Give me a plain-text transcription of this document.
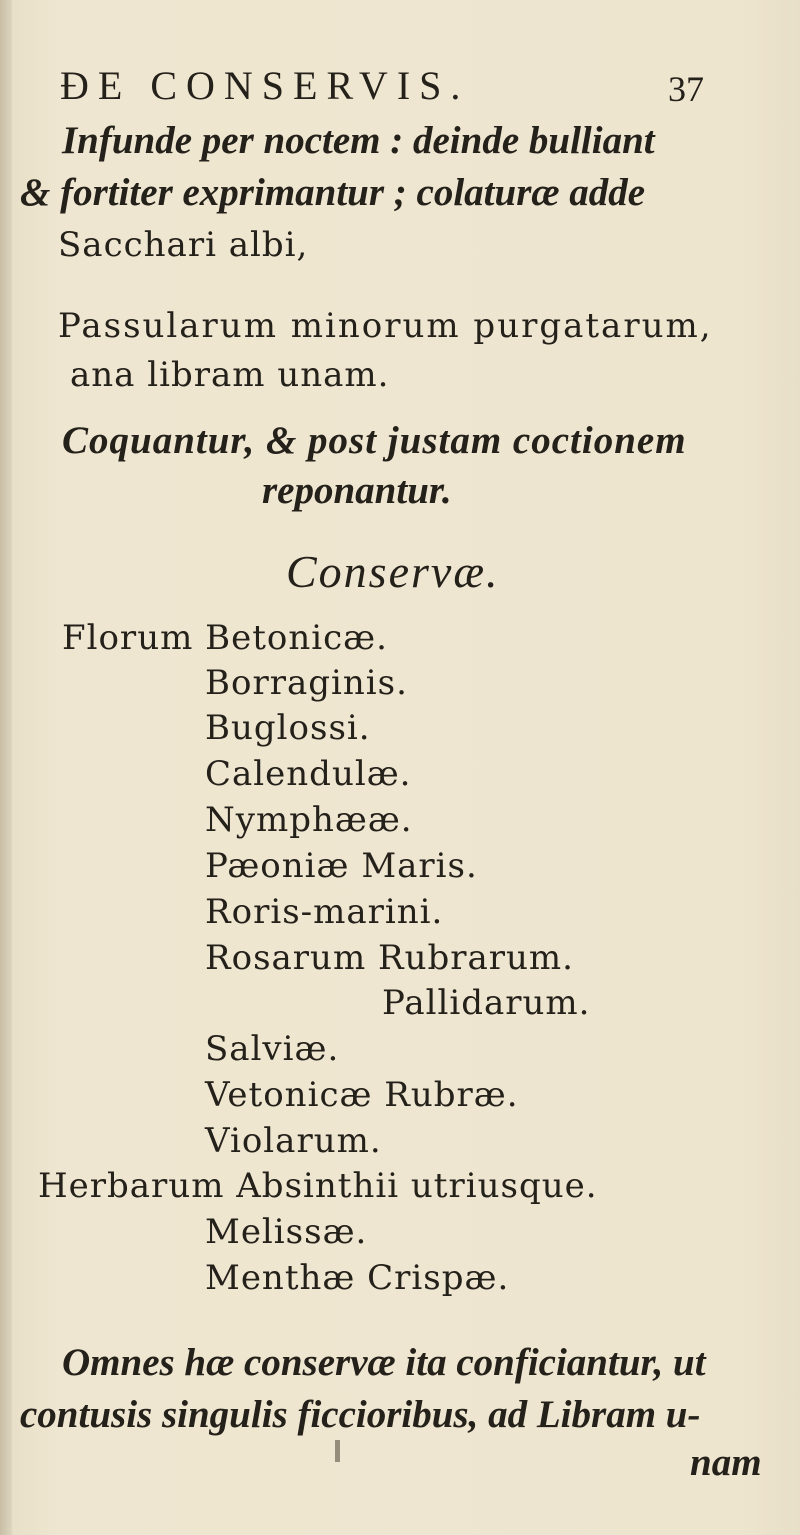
ÐE CONSERVIS.	37
Infunde per noctem : deinde bulliant
& fortiter exprimantur ; colaturæ adde
Sacchari albi,
Passularum minorum purgatarum,
ana libram unam.
Coquantur, & post justam coctionem
reponantur.
Conservæ.
Florum Betonicæ.
Borraginis.
Buglossi.
Calendulæ.
Nymphææ.
Pæoniæ Maris.
Roris-marini.
Rosarum Rubrarum.
Pallidarum.
Salviæ.
Vetonicæ Rubræ.
Violarum.
Herbarum Absinthii utriusque.
Melissæ.
Menthæ Crispæ.
Omnes hæ conservæ ita conficiantur, ut
contusis singulis ficcioribus, ad Libram u-
nam
